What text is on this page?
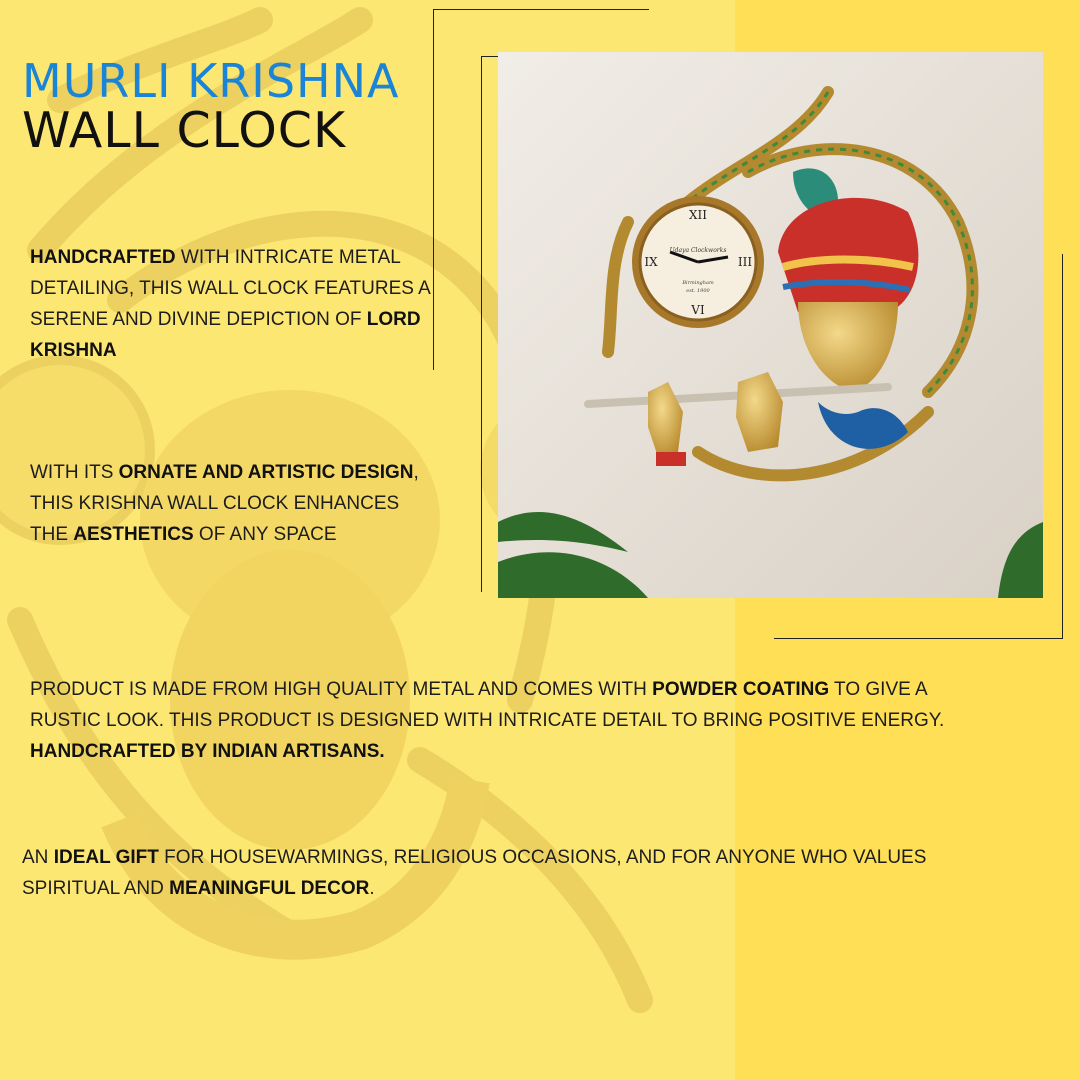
MURLI KRISHNA
WALL CLOCK

HANDCRAFTED WITH INTRICATE METAL DETAILING, THIS WALL CLOCK FEATURES A SERENE AND DIVINE DEPICTION OF LORD KRISHNA

WITH ITS ORNATE AND ARTISTIC DESIGN, THIS KRISHNA WALL CLOCK ENHANCES THE AESTHETICS OF ANY SPACE

PRODUCT IS MADE FROM HIGH QUALITY METAL AND COMES WITH POWDER COATING TO GIVE A RUSTIC LOOK. THIS PRODUCT IS DESIGNED WITH INTRICATE DETAIL TO BRING POSITIVE ENERGY. HANDCRAFTED BY INDIAN ARTISANS.

AN IDEAL GIFT FOR HOUSEWARMINGS, RELIGIOUS OCCASIONS, AND FOR ANYONE WHO VALUES SPIRITUAL AND MEANINGFUL DECOR.

XII
III
VI
IX
Udaya Clockworks
Birmingham
est. 1900
